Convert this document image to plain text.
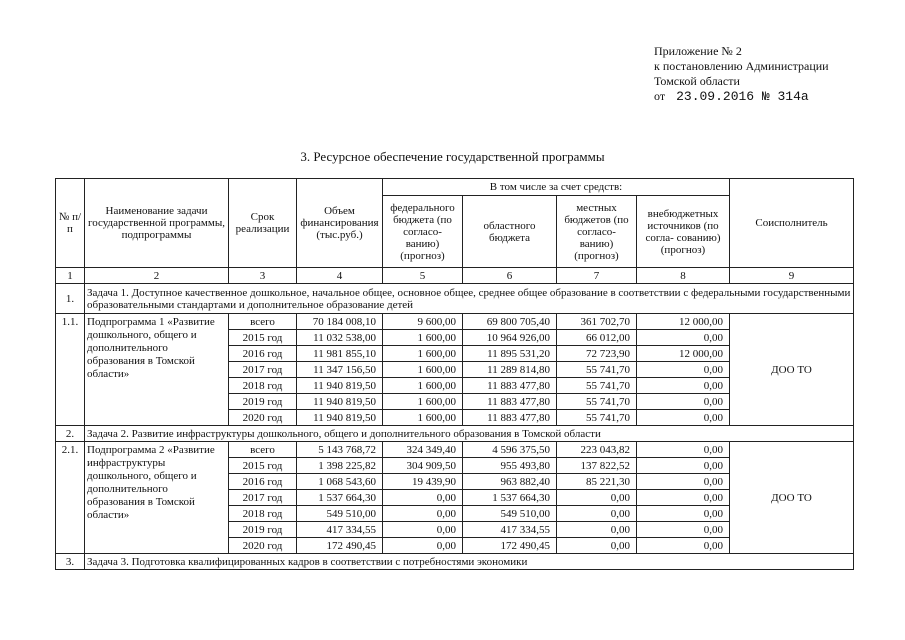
Приложение № 2
к постановлению Администрации
Томской области
от 23.09.2016 № 314а
3. Ресурсное обеспечение государственной программы
№ п/п	Наименование задачи государственной программы, подпрограммы	Срок реализации	Объем финансирования (тыс.руб.)	В том числе за счет средств:				Соисполнитель
				федерального бюджета (по согласо- ванию) (прогноз)	областного бюджета	местных бюджетов (по согласо- ванию) (прогноз)	внебюджетных источников (по согла- сованию) (прогноз)	
1	2	3	4	5	6	7	8	9
1.	Задача 1. Доступное качественное дошкольное, начальное общее, основное общее, среднее общее образование в соответствии с федеральными государственными образовательными стандартами и дополнительное образование детей							
1.1.	Подпрограмма 1 «Развитие дошкольного, общего и дополнительного образования в Томской области»	всего	70 184 008,10	9 600,00	69 800 705,40	361 702,70	12 000,00	ДОО ТО
		2015 год	11 032 538,00	1 600,00	10 964 926,00	66 012,00	0,00	
		2016 год	11 981 855,10	1 600,00	11 895 531,20	72 723,90	12 000,00	
		2017 год	11 347 156,50	1 600,00	11 289 814,80	55 741,70	0,00	
		2018 год	11 940 819,50	1 600,00	11 883 477,80	55 741,70	0,00	
		2019 год	11 940 819,50	1 600,00	11 883 477,80	55 741,70	0,00	
		2020 год	11 940 819,50	1 600,00	11 883 477,80	55 741,70	0,00	
2.	Задача 2. Развитие инфраструктуры дошкольного, общего и дополнительного образования в Томской области							
2.1.	Подпрограмма 2 «Развитие инфраструктуры дошкольного, общего и дополнительного образования в Томской области»	всего	5 143 768,72	324 349,40	4 596 375,50	223 043,82	0,00	ДОО ТО
		2015 год	1 398 225,82	304 909,50	955 493,80	137 822,52	0,00	
		2016 год	1 068 543,60	19 439,90	963 882,40	85 221,30	0,00	
		2017 год	1 537 664,30	0,00	1 537 664,30	0,00	0,00	
		2018 год	549 510,00	0,00	549 510,00	0,00	0,00	
		2019 год	417 334,55	0,00	417 334,55	0,00	0,00	
		2020 год	172 490,45	0,00	172 490,45	0,00	0,00	
3.	Задача 3. Подготовка квалифицированных кадров в соответствии с потребностями экономики							
